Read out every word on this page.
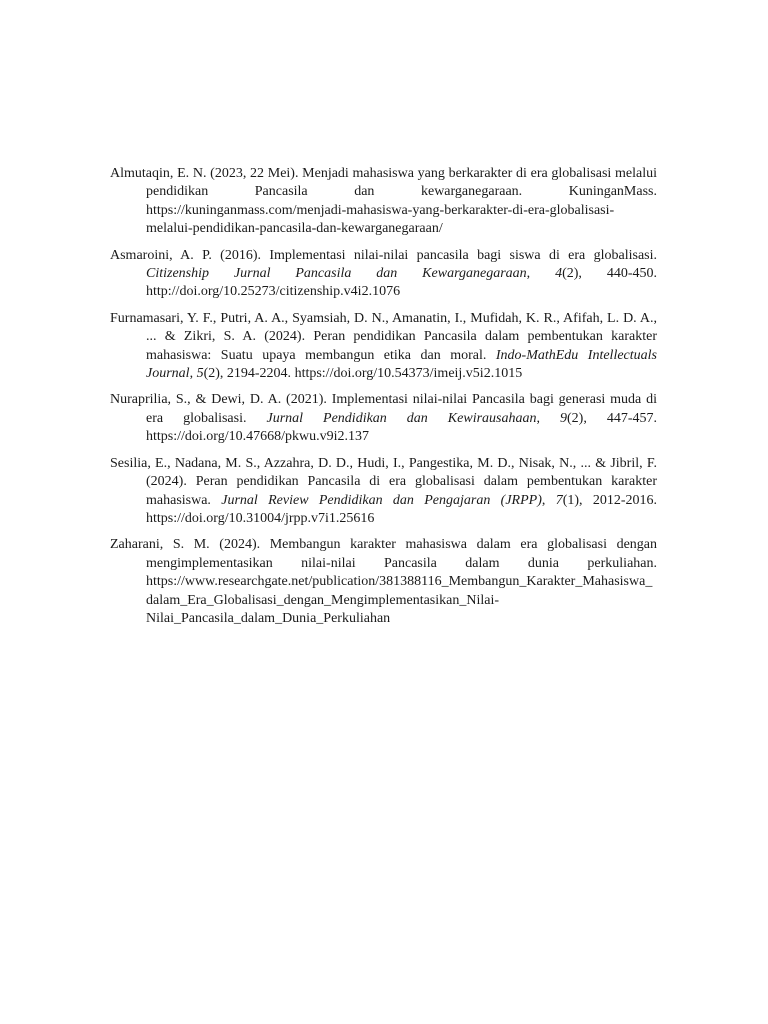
Almutaqin, E. N. (2023, 22 Mei). Menjadi mahasiswa yang berkarakter di era globalisasi melalui pendidikan Pancasila dan kewarganegaraan. KuninganMass. https://kuninganmass.com/menjadi-mahasiswa-yang-berkarakter-di-era-globalisasi-melalui-pendidikan-pancasila-dan-kewarganegaraan/

Asmaroini, A. P. (2016). Implementasi nilai-nilai pancasila bagi siswa di era globalisasi. Citizenship Jurnal Pancasila dan Kewarganegaraan, 4(2), 440-450. http://doi.org/10.25273/citizenship.v4i2.1076

Furnamasari, Y. F., Putri, A. A., Syamsiah, D. N., Amanatin, I., Mufidah, K. R., Afifah, L. D. A., ... & Zikri, S. A. (2024). Peran pendidikan Pancasila dalam pembentukan karakter mahasiswa: Suatu upaya membangun etika dan moral. Indo-MathEdu Intellectuals Journal, 5(2), 2194-2204. https://doi.org/10.54373/imeij.v5i2.1015

Nuraprilia, S., & Dewi, D. A. (2021). Implementasi nilai-nilai Pancasila bagi generasi muda di era globalisasi. Jurnal Pendidikan dan Kewirausahaan, 9(2), 447-457. https://doi.org/10.47668/pkwu.v9i2.137

Sesilia, E., Nadana, M. S., Azzahra, D. D., Hudi, I., Pangestika, M. D., Nisak, N., ... & Jibril, F. (2024). Peran pendidikan Pancasila di era globalisasi dalam pembentukan karakter mahasiswa. Jurnal Review Pendidikan dan Pengajaran (JRPP), 7(1), 2012-2016. https://doi.org/10.31004/jrpp.v7i1.25616

Zaharani, S. M. (2024). Membangun karakter mahasiswa dalam era globalisasi dengan mengimplementasikan nilai-nilai Pancasila dalam dunia perkuliahan. https://www.researchgate.net/publication/381388116_Membangun_Karakter_Mahasiswa_dalam_Era_Globalisasi_dengan_Mengimplementasikan_Nilai-Nilai_Pancasila_dalam_Dunia_Perkuliahan
